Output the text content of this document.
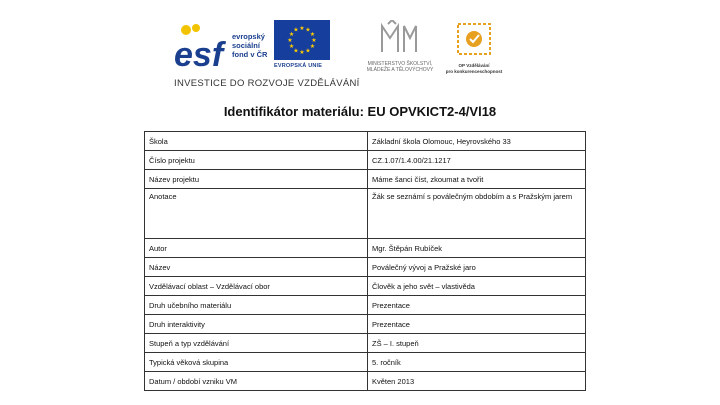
esf	evropský
sociální
fond v ČR
★ ★
★
★
★
★
★
★
★
★
★
★
EVROPSKÁ UNIE	MINISTERSTVO ŠKOLSTVÍ,
MLÁDEŽE A TĚLOVÝCHOVY
OP Vzdělávání
pro konkurenceschopnost
INVESTICE DO ROZVOJE VZDĚLÁVÁNÍ
Identifikátor materiálu: EU OPVKICT2-4/Vl18
Škola	Základní škola Olomouc, Heyrovského 33
Číslo projektu	CZ.1.07/1.4.00/21.1217
Název projektu	Máme šanci číst, zkoumat a tvořit
Anotace	Žák se seznámí s poválečným obdobím a s Pražským jarem
Autor	Mgr. Štěpán Rubíček
Název	Poválečný vývoj a Pražské jaro
Vzdělávací oblast – Vzdělávací obor	Člověk a jeho svět – vlastivěda
Druh učebního materiálu	Prezentace
Druh interaktivity	Prezentace
Stupeň a typ vzdělávání	ZŠ – I. stupeň
Typická věková skupina	5. ročník
Datum / období vzniku VM	Květen 2013
